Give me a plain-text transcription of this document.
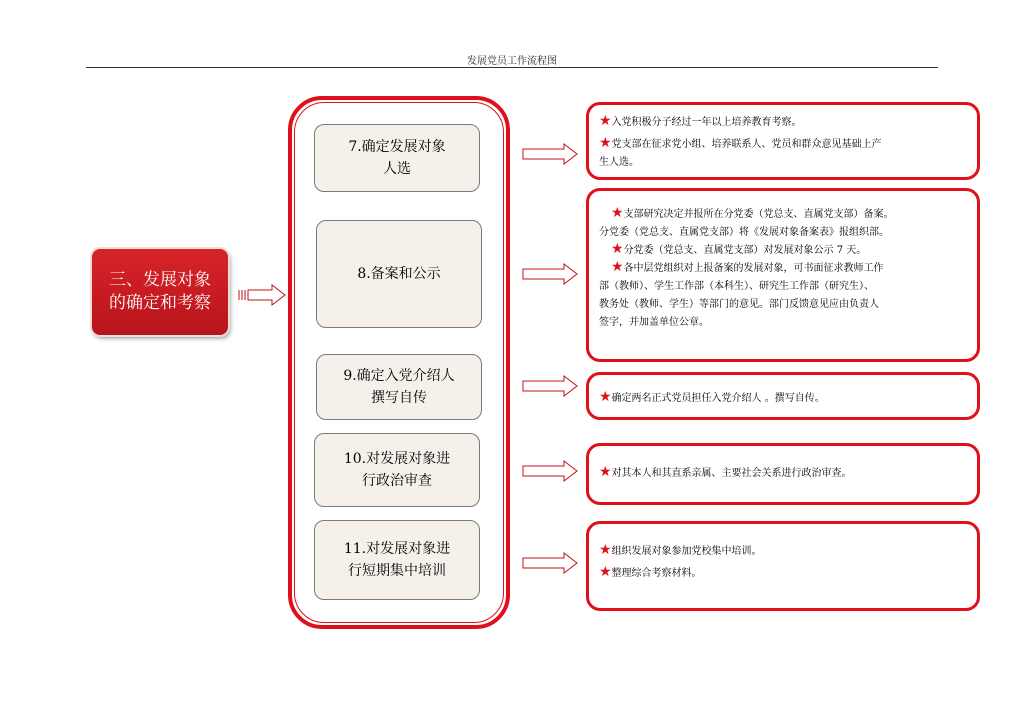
发展党员工作流程图
三、发展对象
的确定和考察
7.确定发展对象
人选
8.备案和公示
9.确定入党介绍人
撰写自传
10.对发展对象进
行政治审查
11.对发展对象进
行短期集中培训
★入党积极分子经过一年以上培养教育考察。
★党支部在征求党小组、培养联系人、党员和群众意见基础上产
生人选。
★支部研究决定并报所在分党委（党总支、直属党支部）备案。
分党委（党总支、直属党支部）将《发展对象备案表》报组织部。
★分党委（党总支、直属党支部）对发展对象公示 7 天。
★各中层党组织对上报备案的发展对象，可书面征求教师工作
部（教师）、学生工作部（本科生）、研究生工作部（研究生）、
教务处（教师、学生）等部门的意见。部门反馈意见应由负责人
签字，并加盖单位公章。
★确定两名正式党员担任入党介绍人 。撰写自传。
★对其本人和其直系亲属、主要社会关系进行政治审查。
★组织发展对象参加党校集中培训。
★整理综合考察材料。
